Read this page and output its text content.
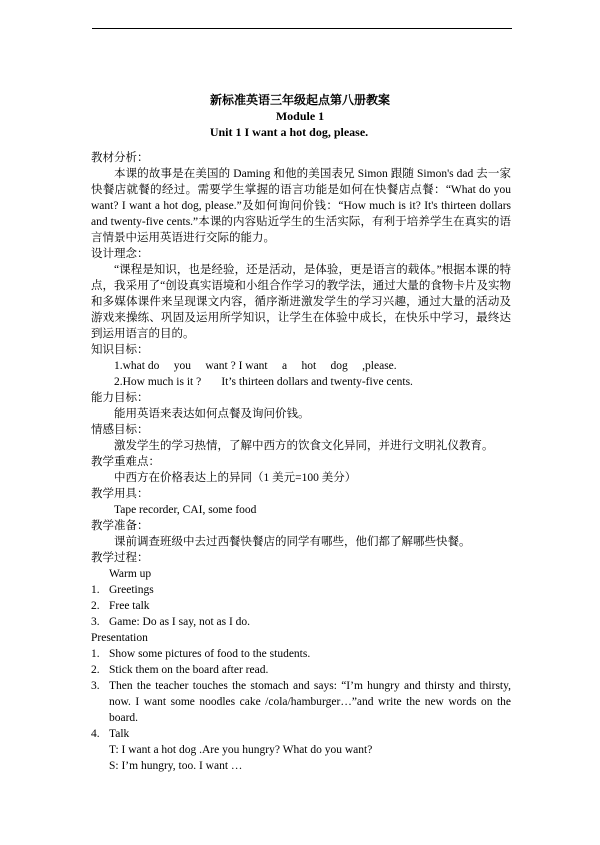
新标准英语三年级起点第八册教案
Module 1
Unit 1 I want a hot dog, please.

教材分析：

本课的故事是在美国的 Daming 和他的美国表兄 Simon 跟随 Simon's dad 去一家快餐店就餐的经过。需要学生掌握的语言功能是如何在快餐店点餐：“What do you want? I want a hot dog, please.”及如何询问价钱：“How much is it? It's thirteen dollars and twenty-five cents.”本课的内容贴近学生的生活实际，有利于培养学生在真实的语言情景中运用英语进行交际的能力。

设计理念：

“课程是知识，也是经验，还是活动，是体验，更是语言的载体。”根据本课的特点，我采用了“创设真实语境和小组合作学习的教学法，通过大量的食物卡片及实物和多媒体课件来呈现课文内容，循序渐进激发学生的学习兴趣，通过大量的活动及游戏来操练、巩固及运用所学知识，让学生在体验中成长，在快乐中学习，最终达到运用语言的目的。

知识目标：

1.what do     you     want ? I want     a     hot     dog     ,please.

2.How much is it ?       It’s thirteen dollars and twenty-five cents.

能力目标：

能用英语来表达如何点餐及询问价钱。

情感目标：

激发学生的学习热情，了解中西方的饮食文化异同，并进行文明礼仪教育。

教学重难点：

中西方在价格表达上的异同（1 美元=100 美分）

教学用具：

Tape recorder, CAI, some food

教学准备：

课前调查班级中去过西餐快餐店的同学有哪些，他们都了解哪些快餐。

教学过程：

Warm up

1. Greetings
2. Free talk
3. Game: Do as I say, not as I do.

Presentation

1. Show some pictures of food to the students.
2. Stick them on the board after read.
3. Then the teacher touches the stomach and says: “I’m hungry and thirsty and thirsty, now. I want some noodles cake /cola/hamburger…”and write the new words on the board.
4. Talk

T: I want a hot dog .Are you hungry? What do you want?

S: I’m hungry, too. I want …
